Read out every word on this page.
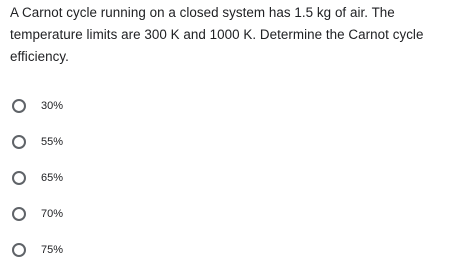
A Carnot cycle running on a closed system has 1.5 kg of air. The
temperature limits are 300 K and 1000 K. Determine the Carnot cycle
efficiency.

30%
55%
65%
70%
75%
